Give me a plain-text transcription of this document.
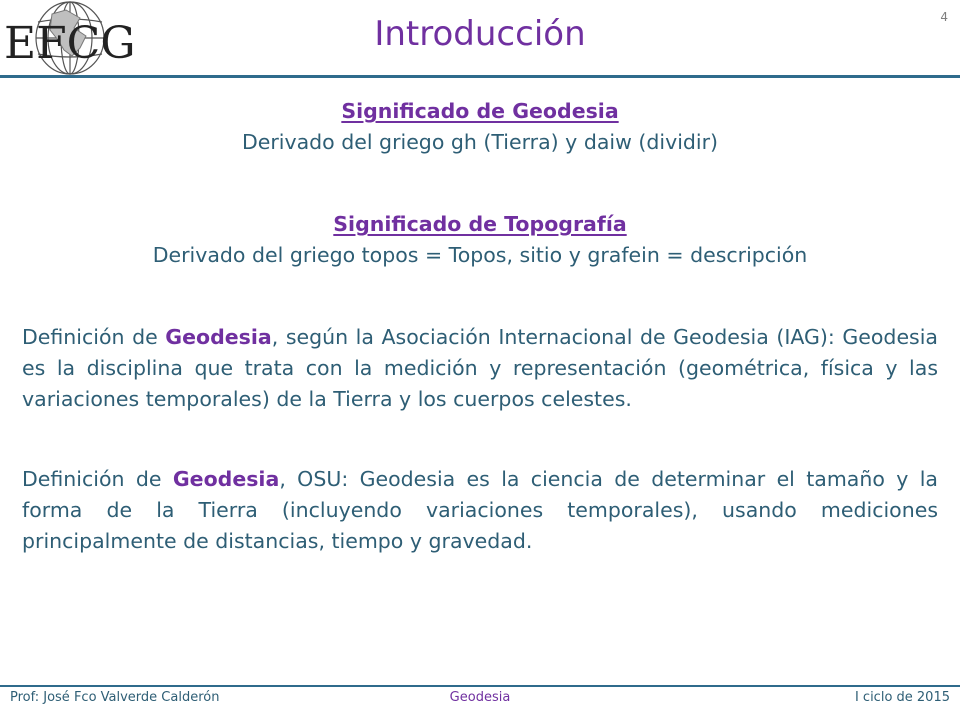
EFCG	Introducción	4
Significado de Geodesia
Derivado del griego gh (Tierra) y daiw (dividir)
Significado de Topografía
Derivado del griego topos = Topos, sitio y grafein = descripción

Definición de Geodesia, según la Asociación Internacional de Geodesia (IAG): Geodesia es la disciplina que trata con la medición y representación (geométrica, física y las variaciones temporales) de la Tierra y los cuerpos celestes.

Definición de Geodesia, OSU: Geodesia es la ciencia de determinar el tamaño y la forma de la Tierra (incluyendo variaciones temporales), usando mediciones principalmente de distancias, tiempo y gravedad.

Prof: José Fco Valverde Calderón	Geodesia	I ciclo de 2015
